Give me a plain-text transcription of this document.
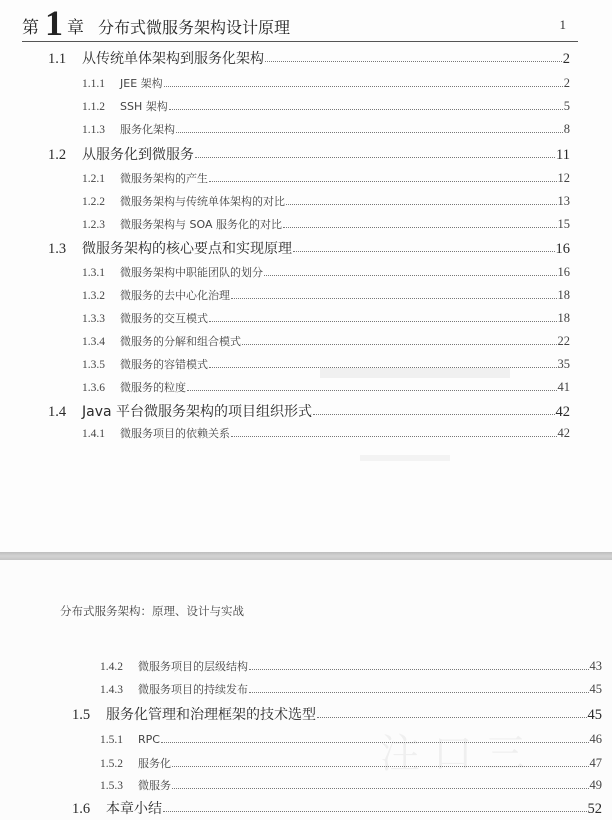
第 1 章 分布式微服务架构设计原理	1
1.1	从传统单体架构到服务化架构	2
1.1.1	JEE 架构	2
1.1.2	SSH 架构	5
1.1.3	服务化架构	8
1.2	从服务化到微服务	11
1.2.1	微服务架构的产生	12
1.2.2	微服务架构与传统单体架构的对比	13
1.2.3	微服务架构与 SOA 服务化的对比	15
1.3	微服务架构的核心要点和实现原理	16
1.3.1	微服务架构中职能团队的划分	16
1.3.2	微服务的去中心化治理	18
1.3.3	微服务的交互模式	18
1.3.4	微服务的分解和组合模式	22
1.3.5	微服务的容错模式	35
1.3.6	微服务的粒度	41
1.4	Java 平台微服务架构的项目组织形式	42
1.4.1	微服务项目的依赖关系	42
分布式服务架构：原理、设计与实战
1.4.2	微服务项目的层级结构	43
1.4.3	微服务项目的持续发布	45
1.5	服务化管理和治理框架的技术选型	45
1.5.1	RPC	46
1.5.2	服务化	47
1.5.3	微服务	49
1.6	本章小结	52
注 口 三
